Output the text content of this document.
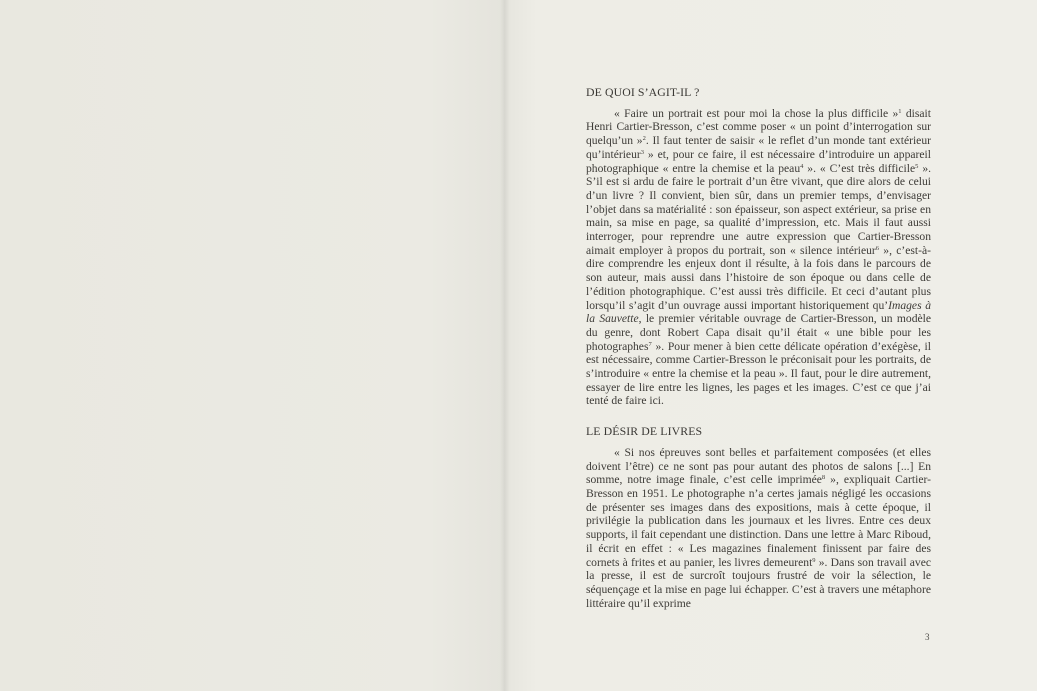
DE QUOI S’AGIT-IL ?

« Faire un portrait est pour moi la chose la plus difficile »$^1$ disait Henri Cartier-Bresson, c’est comme poser « un point d’interrogation sur quelqu’un »$^2$. Il faut tenter de saisir « le reflet d’un monde tant extérieur qu’intérieur$^3$ » et, pour ce faire, il est nécessaire d’introduire un appareil photographique « entre la chemise et la peau$^4$ ». « C’est très difficile$^5$ ». S’il est si ardu de faire le portrait d’un être vivant, que dire alors de celui d’un livre ? Il convient, bien sûr, dans un premier temps, d’envisager l’objet dans sa matérialité : son épaisseur, son aspect extérieur, sa prise en main, sa mise en page, sa qualité d’impression, etc. Mais il faut aussi interroger, pour reprendre une autre expression que Cartier-Bresson aimait employer à propos du portrait, son « silence intérieur$^6$ », c’est-à-dire comprendre les enjeux dont il résulte, à la fois dans le parcours de son auteur, mais aussi dans l’histoire de son époque ou dans celle de l’édition photographique. C’est aussi très difficile. Et ceci d’autant plus lorsqu’il s’agit d’un ouvrage aussi important historiquement qu’Images à la Sauvette, le premier véritable ouvrage de Cartier-Bresson, un modèle du genre, dont Robert Capa disait qu’il était « une bible pour les photographes$^7$ ». Pour mener à bien cette délicate opération d’exégèse, il est nécessaire, comme Cartier-Bresson le préconisait pour les portraits, de s’introduire « entre la chemise et la peau ». Il faut, pour le dire autrement, essayer de lire entre les lignes, les pages et les images. C’est ce que j’ai tenté de faire ici.

LE DÉSIR DE LIVRES

« Si nos épreuves sont belles et parfaitement composées (et elles doivent l’être) ce ne sont pas pour autant des photos de salons [...] En somme, notre image finale, c’est celle imprimée$^8$ », expliquait Cartier-Bresson en 1951. Le photographe n’a certes jamais négligé les occasions de présenter ses images dans des expositions, mais à cette époque, il privilégie la publication dans les journaux et les livres. Entre ces deux supports, il fait cependant une distinction. Dans une lettre à Marc Riboud, il écrit en effet : « Les magazines finalement finissent par faire des cornets à frites et au panier, les livres demeurent$^9$ ». Dans son travail avec la presse, il est de surcroît toujours frustré de voir la sélection, le séquençage et la mise en page lui échapper. C’est à travers une métaphore littéraire qu’il exprime

3
